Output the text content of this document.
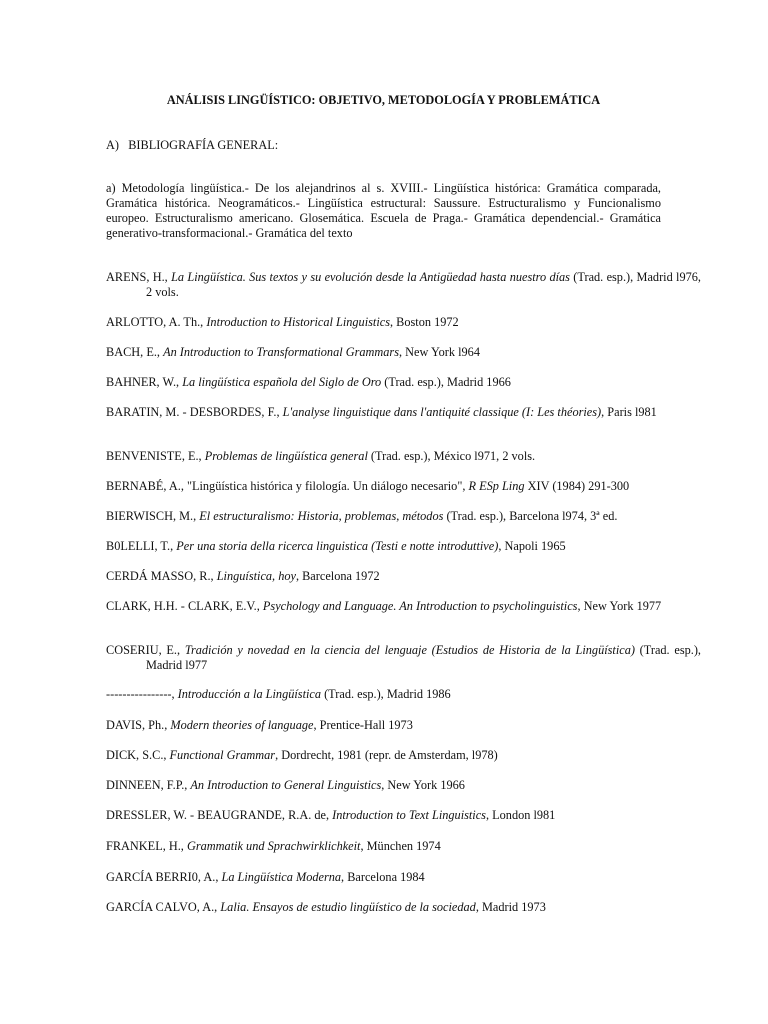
ANÁLISIS LINGÜÍSTICO: OBJETIVO, METODOLOGÍA Y PROBLEMÁTICA
A)   BIBLIOGRAFÍA GENERAL:
a) Metodología lingüística.- De los alejandrinos al s. XVIII.- Lingüística histórica: Gramática comparada, Gramática histórica. Neogramáticos.- Lingüística estructural: Saussure. Estructuralismo y Funcionalismo europeo. Estructuralismo americano. Glosemática. Escuela de Praga.- Gramática dependencial.- Gramática generativo-transformacional.- Gramática del texto
ARENS, H., La Lingüística. Sus textos y su evolución desde la Antigüedad hasta nuestro días (Trad. esp.), Madrid l976, 2 vols.
ARLOTTO, A. Th., Introduction to Historical Linguistics, Boston 1972
BACH, E., An Introduction to Transformational Grammars, New York l964
BAHNER, W., La lingüística española del Siglo de Oro (Trad. esp.), Madrid 1966
BARATIN, M. - DESBORDES, F., L'analyse linguistique dans l'antiquité classique (I: Les théories), Paris l981
BENVENISTE, E., Problemas de lingüística general (Trad. esp.), México l971, 2 vols.
BERNABÉ, A., "Lingüística histórica y filología. Un diálogo necesario", R ESp Ling XIV (1984) 291-300
BIERWISCH, M., El estructuralismo: Historia, problemas, métodos (Trad. esp.), Barcelona l974, 3ª ed.
B0LELLI, T., Per una storia della ricerca linguistica (Testi e notte introduttive), Napoli 1965
CERDÁ MASSO, R., Linguística, hoy, Barcelona 1972
CLARK, H.H. - CLARK, E.V., Psychology and Language. An Introduction to psycholinguistics, New York 1977
COSERIU, E., Tradición y novedad en la ciencia del lenguaje (Estudios de Historia de la Lingüística) (Trad. esp.), Madrid l977
----------------, Introducción a la Lingüística (Trad. esp.), Madrid 1986
DAVIS, Ph., Modern theories of language, Prentice-Hall 1973
DICK, S.C., Functional Grammar, Dordrecht, 1981 (repr. de Amsterdam, l978)
DINNEEN, F.P., An Introduction to General Linguistics, New York 1966
DRESSLER, W. - BEAUGRANDE, R.A. de, Introduction to Text Linguistics, London l981
FRANKEL, H., Grammatik und Sprachwirklichkeit, München 1974
GARCÍA BERRI0, A., La Lingüística Moderna, Barcelona 1984
GARCÍA CALVO, A., Lalia. Ensayos de estudio lingüístico de la sociedad, Madrid 1973
